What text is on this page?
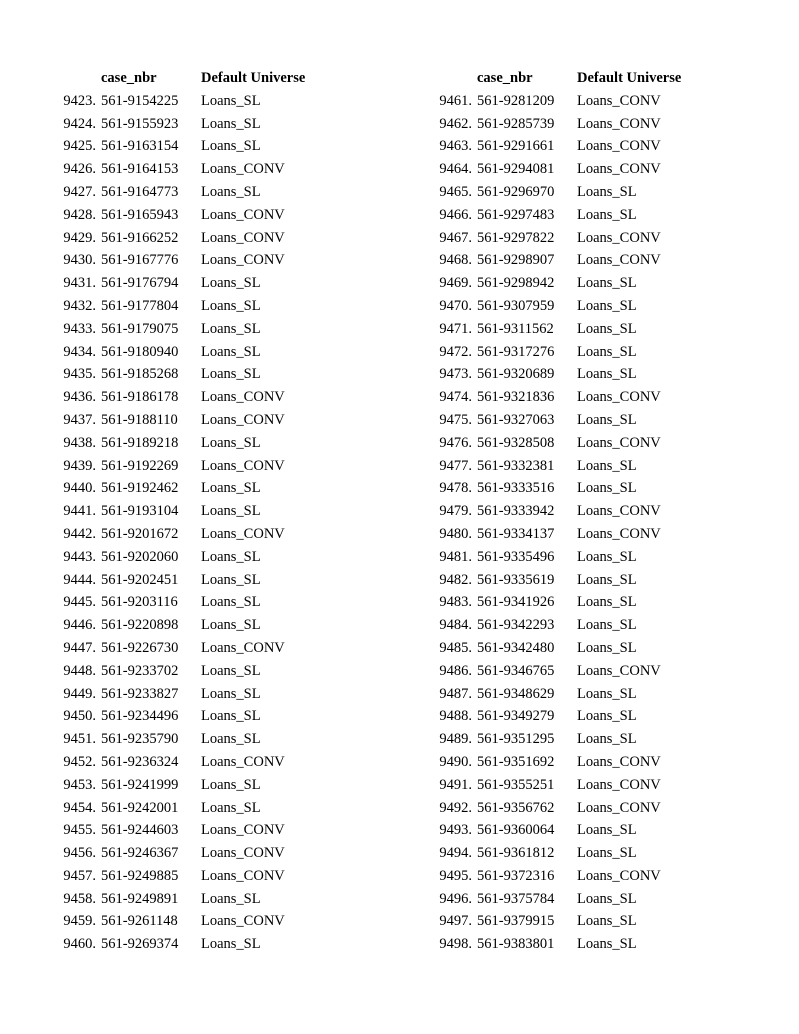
case_nbr	Default Universe
9423. 561-9154225 Loans_SL
9424. 561-9155923 Loans_SL
9425. 561-9163154 Loans_SL
9426. 561-9164153 Loans_CONV
9427. 561-9164773 Loans_SL
9428. 561-9165943 Loans_CONV
9429. 561-9166252 Loans_CONV
9430. 561-9167776 Loans_CONV
9431. 561-9176794 Loans_SL
9432. 561-9177804 Loans_SL
9433. 561-9179075 Loans_SL
9434. 561-9180940 Loans_SL
9435. 561-9185268 Loans_SL
9436. 561-9186178 Loans_CONV
9437. 561-9188110 Loans_CONV
9438. 561-9189218 Loans_SL
9439. 561-9192269 Loans_CONV
9440. 561-9192462 Loans_SL
9441. 561-9193104 Loans_SL
9442. 561-9201672 Loans_CONV
9443. 561-9202060 Loans_SL
9444. 561-9202451 Loans_SL
9445. 561-9203116 Loans_SL
9446. 561-9220898 Loans_SL
9447. 561-9226730 Loans_CONV
9448. 561-9233702 Loans_SL
9449. 561-9233827 Loans_SL
9450. 561-9234496 Loans_SL
9451. 561-9235790 Loans_SL
9452. 561-9236324 Loans_CONV
9453. 561-9241999 Loans_SL
9454. 561-9242001 Loans_SL
9455. 561-9244603 Loans_CONV
9456. 561-9246367 Loans_CONV
9457. 561-9249885 Loans_CONV
9458. 561-9249891 Loans_SL
9459. 561-9261148 Loans_CONV
9460. 561-9269374 Loans_SL
case_nbr	Default Universe
9461. 561-9281209 Loans_CONV
9462. 561-9285739 Loans_CONV
9463. 561-9291661 Loans_CONV
9464. 561-9294081 Loans_CONV
9465. 561-9296970 Loans_SL
9466. 561-9297483 Loans_SL
9467. 561-9297822 Loans_CONV
9468. 561-9298907 Loans_CONV
9469. 561-9298942 Loans_SL
9470. 561-9307959 Loans_SL
9471. 561-9311562 Loans_SL
9472. 561-9317276 Loans_SL
9473. 561-9320689 Loans_SL
9474. 561-9321836 Loans_CONV
9475. 561-9327063 Loans_SL
9476. 561-9328508 Loans_CONV
9477. 561-9332381 Loans_SL
9478. 561-9333516 Loans_SL
9479. 561-9333942 Loans_CONV
9480. 561-9334137 Loans_CONV
9481. 561-9335496 Loans_SL
9482. 561-9335619 Loans_SL
9483. 561-9341926 Loans_SL
9484. 561-9342293 Loans_SL
9485. 561-9342480 Loans_SL
9486. 561-9346765 Loans_CONV
9487. 561-9348629 Loans_SL
9488. 561-9349279 Loans_SL
9489. 561-9351295 Loans_SL
9490. 561-9351692 Loans_CONV
9491. 561-9355251 Loans_CONV
9492. 561-9356762 Loans_CONV
9493. 561-9360064 Loans_SL
9494. 561-9361812 Loans_SL
9495. 561-9372316 Loans_CONV
9496. 561-9375784 Loans_SL
9497. 561-9379915 Loans_SL
9498. 561-9383801 Loans_SL
